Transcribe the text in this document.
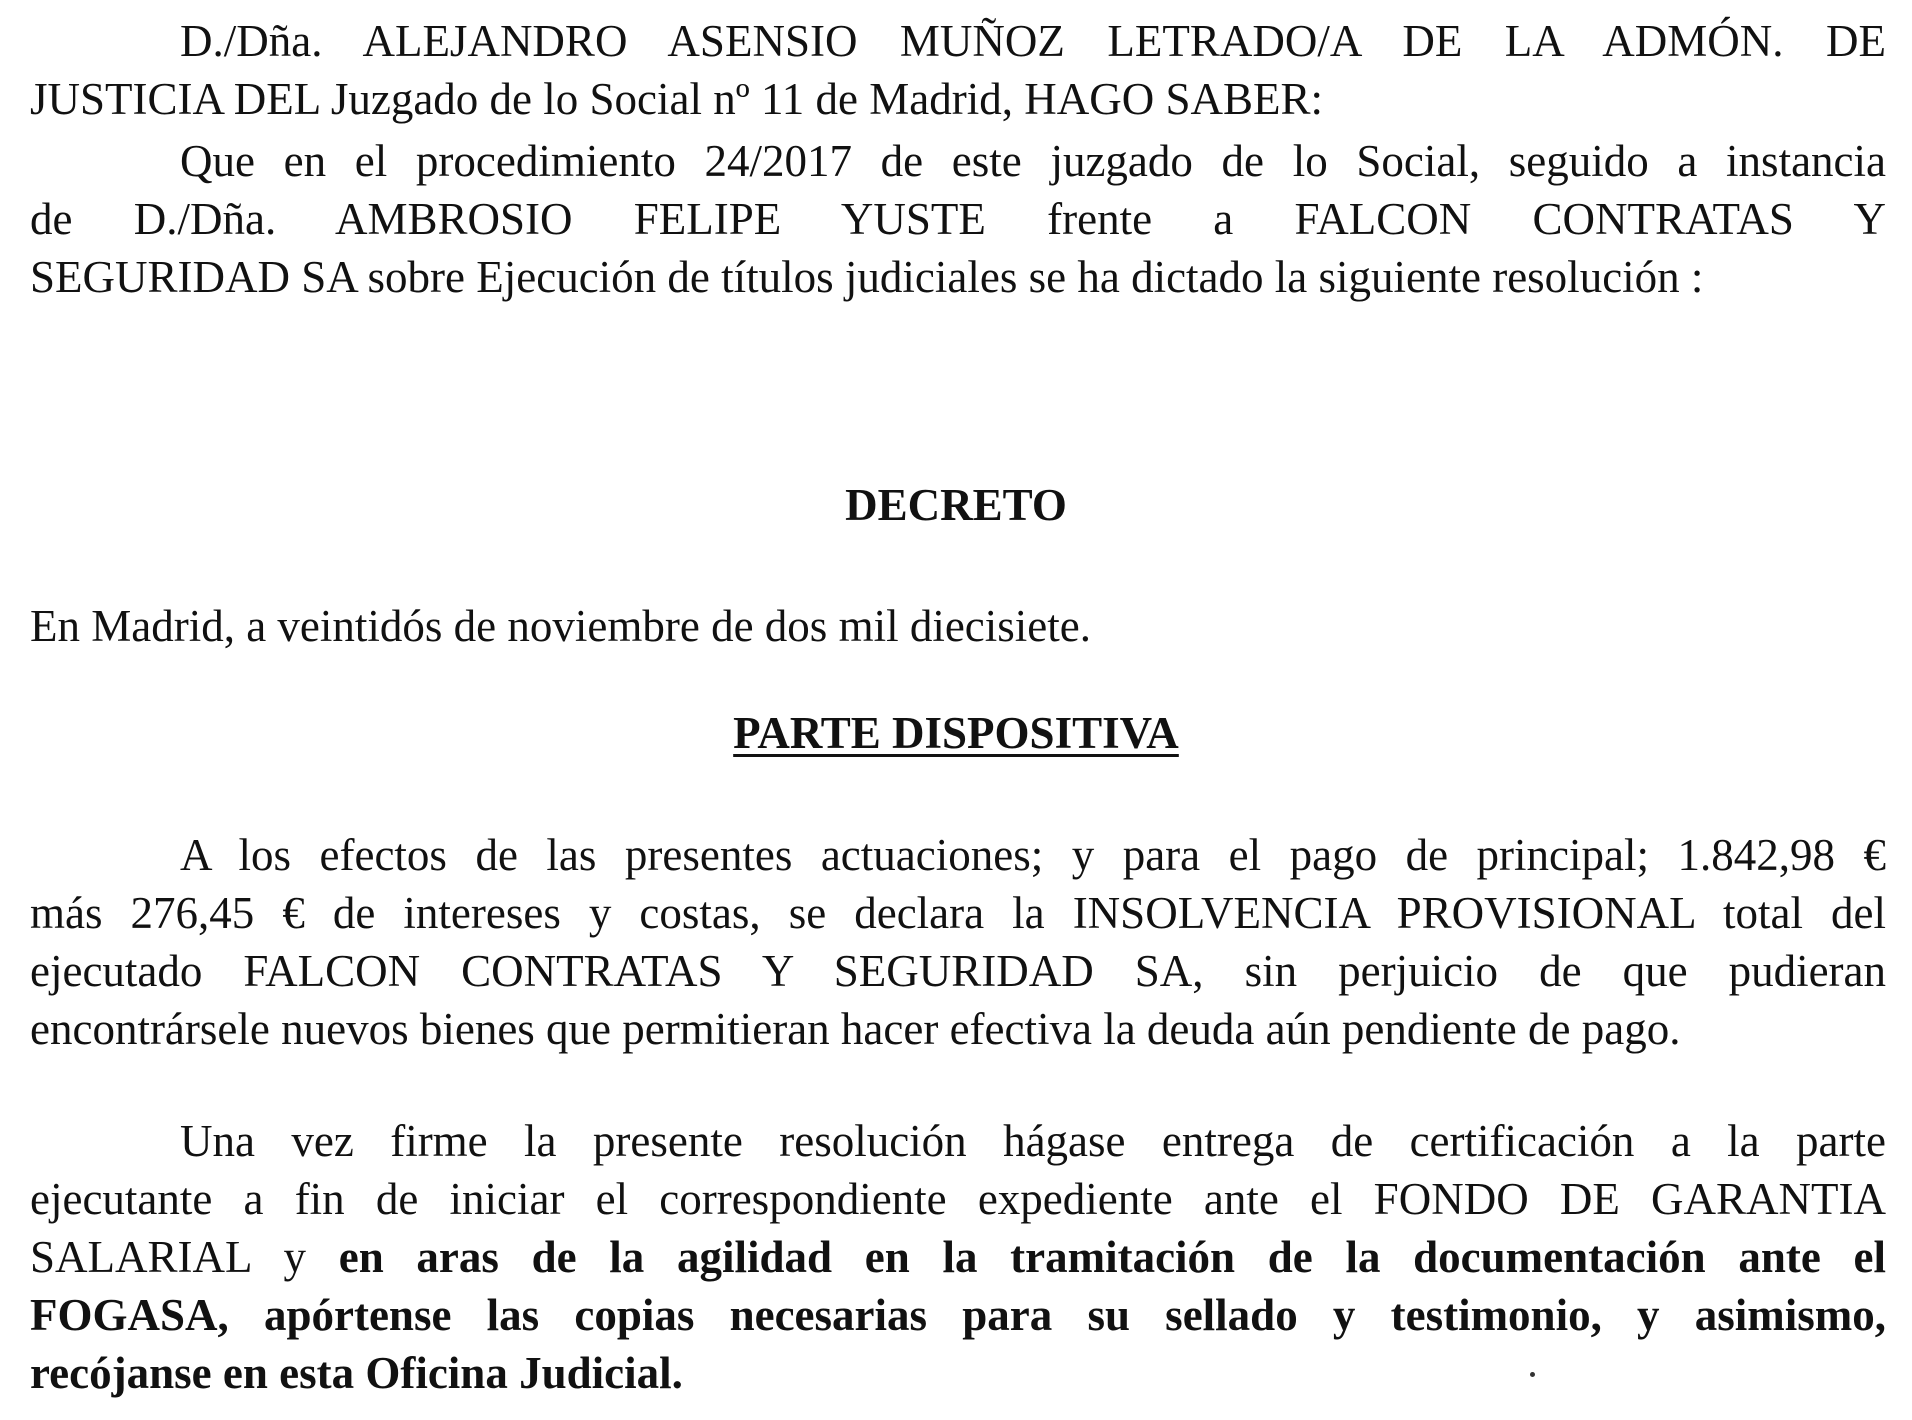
D./Dña. ALEJANDRO ASENSIO MUÑOZ LETRADO/A DE LA ADMÓN. DE
JUSTICIA DEL Juzgado de lo Social nº 11 de Madrid, HAGO SABER:

Que en el procedimiento 24/2017 de este juzgado de lo Social, seguido a instancia
de D./Dña. AMBROSIO FELIPE YUSTE frente a FALCON CONTRATAS Y
SEGURIDAD SA sobre Ejecución de títulos judiciales se ha dictado la siguiente resolución :

DECRETO

En Madrid, a veintidós de noviembre de dos mil diecisiete.

PARTE DISPOSITIVA

A los efectos de las presentes actuaciones; y para el pago de principal; 1.842,98 €
más 276,45 € de intereses y costas, se declara la INSOLVENCIA PROVISIONAL total del
ejecutado FALCON CONTRATAS Y SEGURIDAD SA, sin perjuicio de que pudieran
encontrársele nuevos bienes que permitieran hacer efectiva la deuda aún pendiente de pago.

Una vez firme la presente resolución hágase entrega de certificación a la parte
ejecutante a fin de iniciar el correspondiente expediente ante el FONDO DE GARANTIA
SALARIAL y en aras de la agilidad en la tramitación de la documentación ante el
FOGASA, apórtense las copias necesarias para su sellado y testimonio, y asimismo,
recójanse en esta Oficina Judicial.
